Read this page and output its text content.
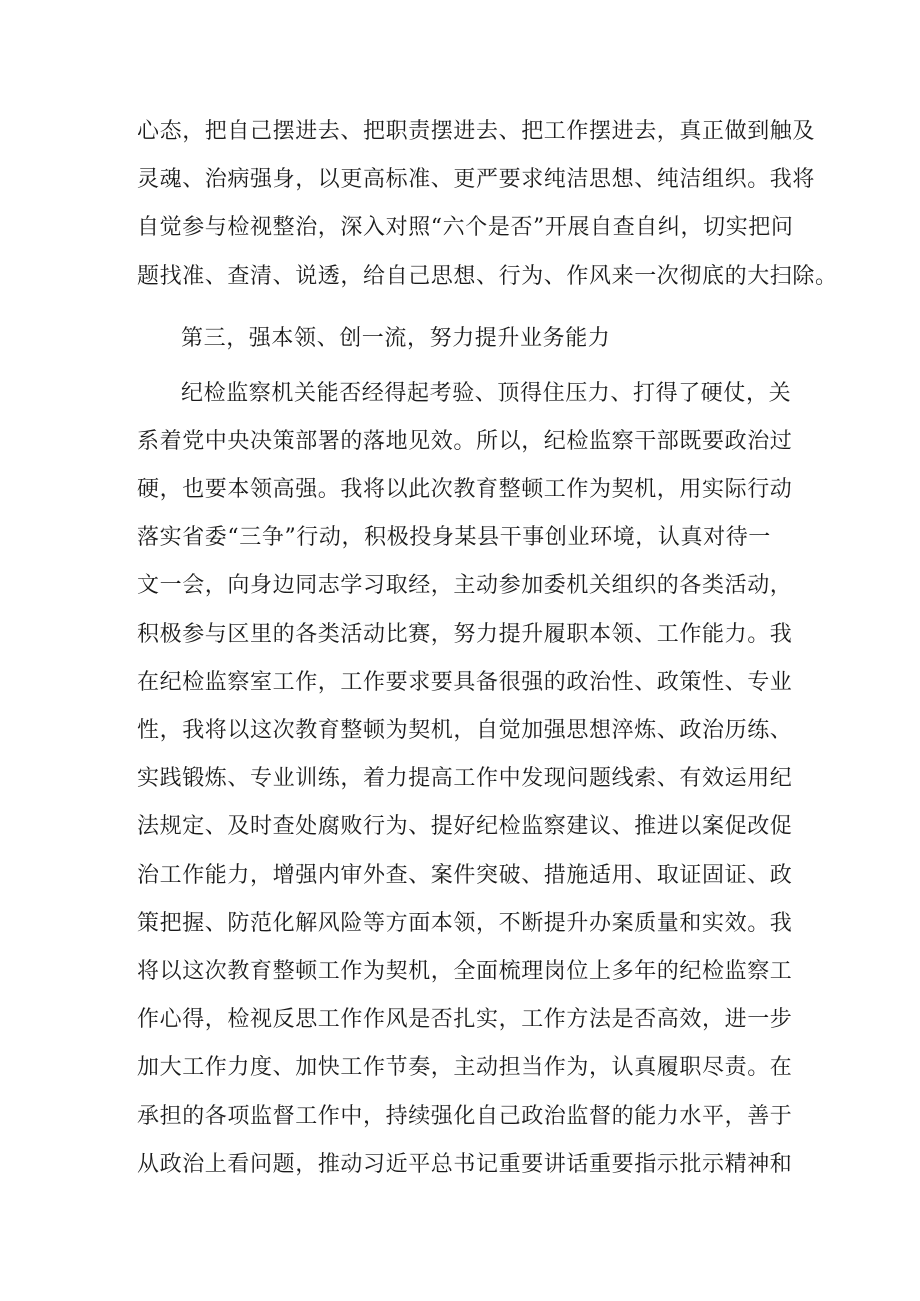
心态，把自己摆进去、把职责摆进去、把工作摆进去，真正做到触及
灵魂、治病强身，以更高标准、更严要求纯洁思想、纯洁组织。我将
自觉参与检视整治，深入对照“六个是否”开展自查自纠，切实把问
题找准、查清、说透，给自己思想、行为、作风来一次彻底的大扫除。
第三，强本领、创一流，努力提升业务能力
纪检监察机关能否经得起考验、顶得住压力、打得了硬仗，关
系着党中央决策部署的落地见效。所以，纪检监察干部既要政治过
硬，也要本领高强。我将以此次教育整顿工作为契机，用实际行动
落实省委“三争”行动，积极投身某县干事创业环境，认真对待一
文一会，向身边同志学习取经，主动参加委机关组织的各类活动，
积极参与区里的各类活动比赛，努力提升履职本领、工作能力。我
在纪检监察室工作，工作要求要具备很强的政治性、政策性、专业
性，我将以这次教育整顿为契机，自觉加强思想淬炼、政治历练、
实践锻炼、专业训练，着力提高工作中发现问题线索、有效运用纪
法规定、及时查处腐败行为、提好纪检监察建议、推进以案促改促
治工作能力，增强内审外查、案件突破、措施适用、取证固证、政
策把握、防范化解风险等方面本领，不断提升办案质量和实效。我
将以这次教育整顿工作为契机，全面梳理岗位上多年的纪检监察工
作心得，检视反思工作作风是否扎实，工作方法是否高效，进一步
加大工作力度、加快工作节奏，主动担当作为，认真履职尽责。在
承担的各项监督工作中，持续强化自己政治监督的能力水平，善于
从政治上看问题，推动习近平总书记重要讲话重要指示批示精神和
